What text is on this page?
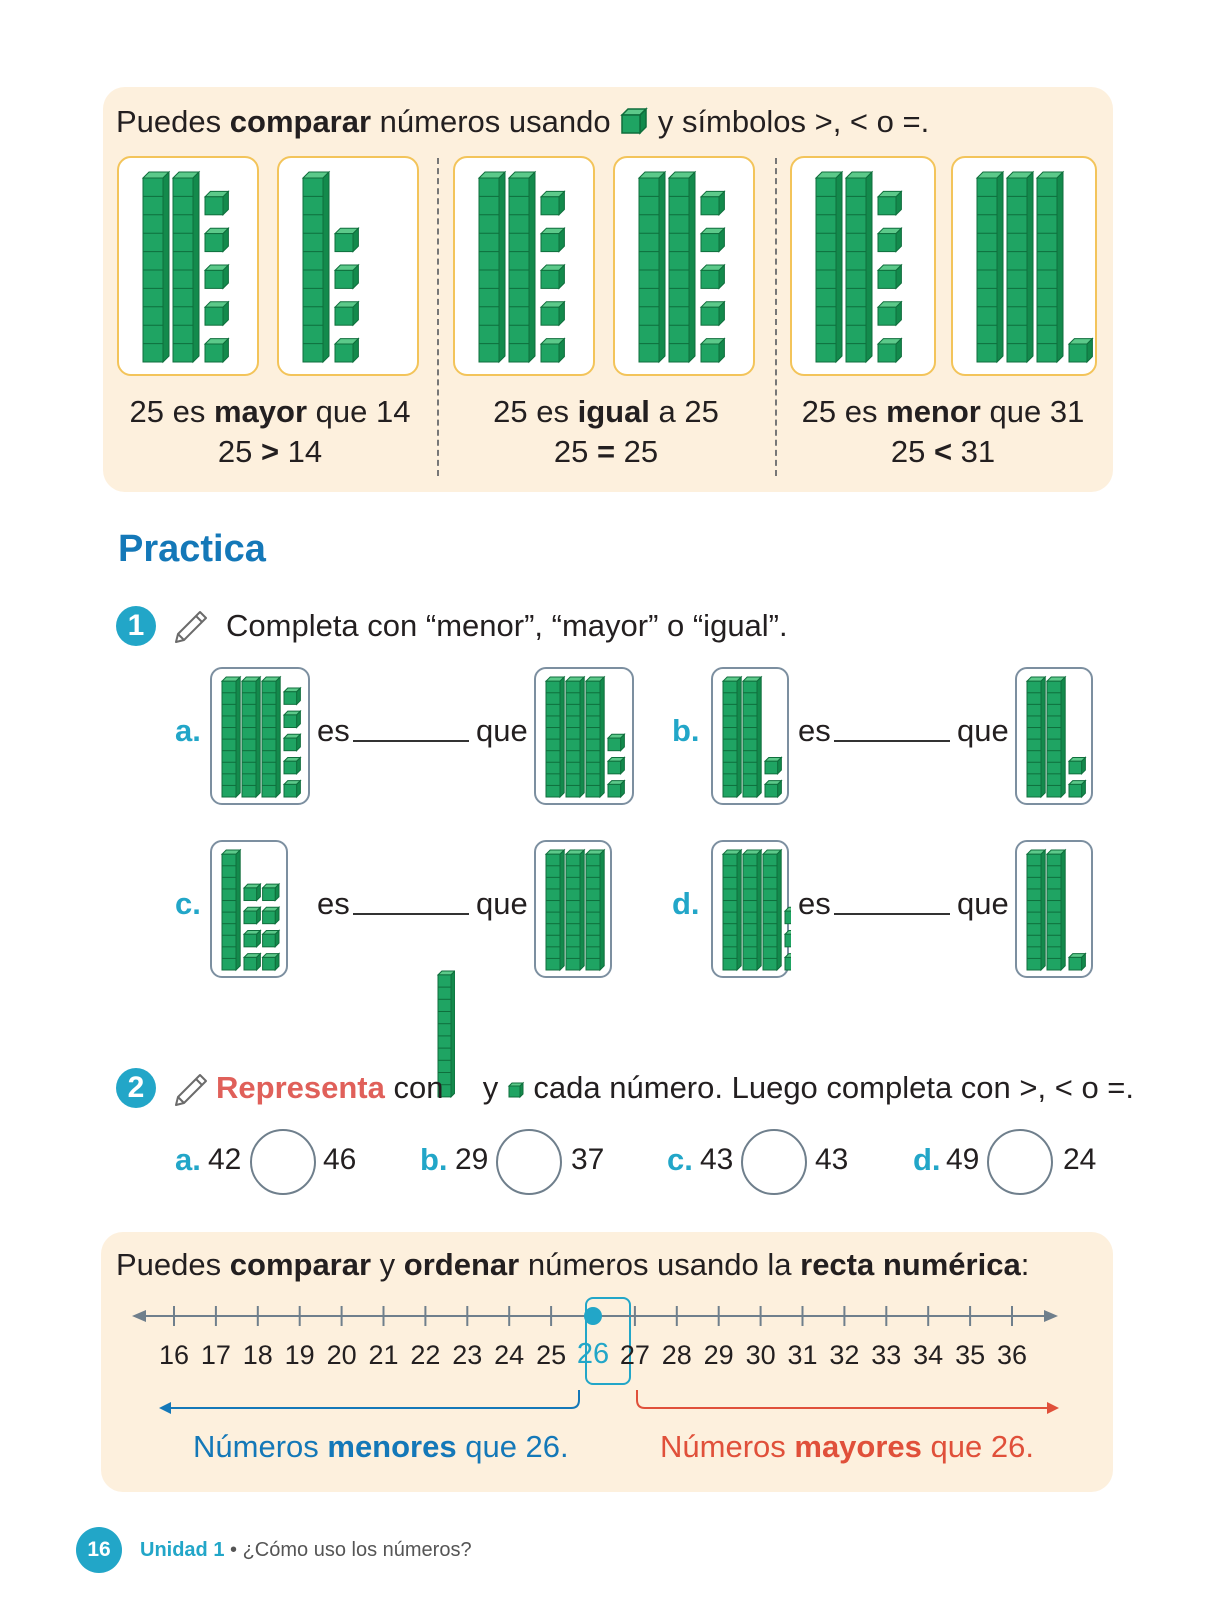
Puedes comparar números usando  y símbolos >, < o =.
25 es mayor que 14
25 > 14
25 es igual a 25
25 = 25
25 es menor que 31
25 < 31
Practica
1	Completa con “menor”, “mayor” o “igual”.
a.	es	que	b.	es	que
c.	es	que	d.	es	que
2	Representa con  y  cada número. Luego completa con >, < o =.
a. 42	46 b. 29	37 c. 43	43 d. 49	24
Puedes comparar y ordenar números usando la recta numérica:
16 17 18 19 20 21 22 23 24 25 26 27 28 29 30 31 32 33 34 35 36
Números menores que 26.	Números mayores que 26.
16	Unidad 1 • ¿Cómo uso los números?
